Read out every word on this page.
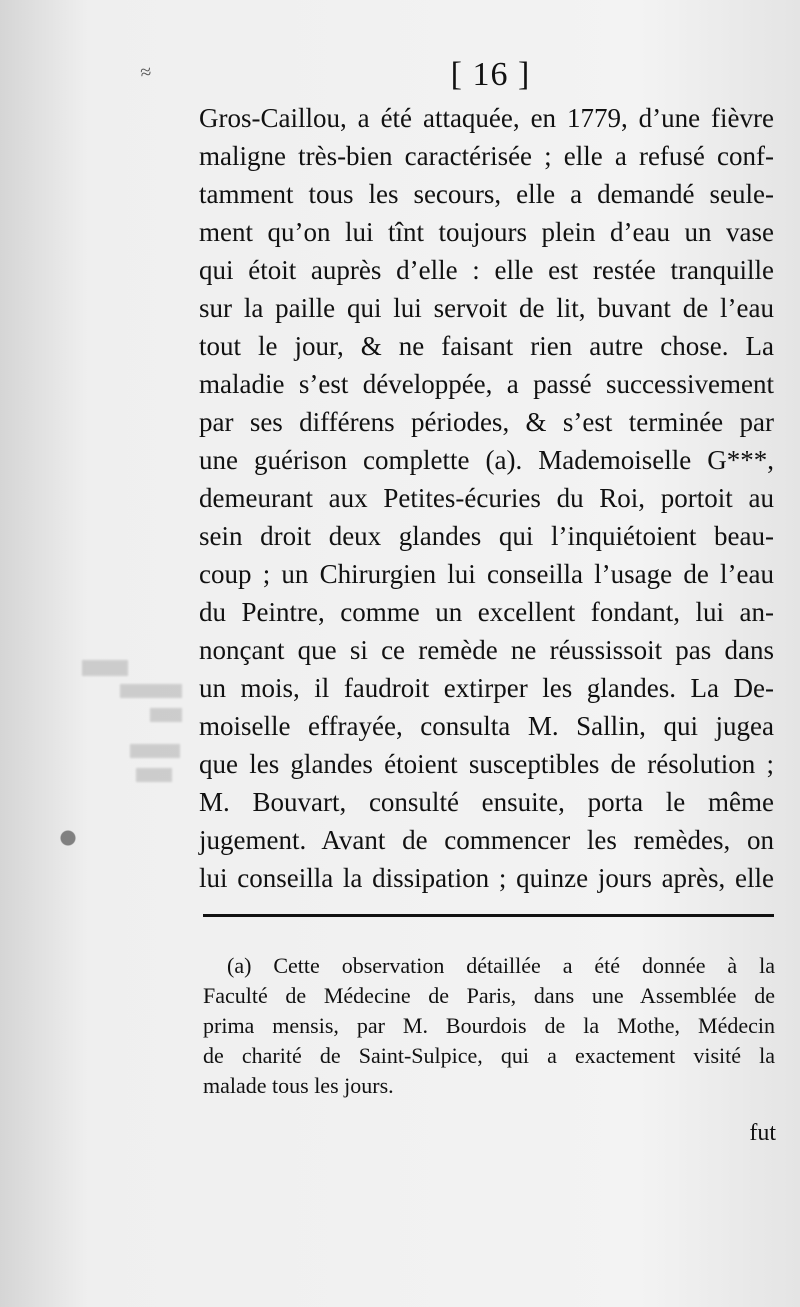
≈	[ 16 ]
Gros-Caillou, a été attaquée, en 1779, d’une fièvre
maligne très-bien caractérisée ; elle a refusé conf-
tamment tous les secours, elle a demandé seule-
ment qu’on lui tînt toujours plein d’eau un vase
qui étoit auprès d’elle : elle est restée tranquille
sur la paille qui lui servoit de lit, buvant de l’eau
tout le jour, & ne faisant rien autre chose. La
maladie s’est développée, a passé successivement
par ses différens périodes, & s’est terminée par
une guérison complette (a). Mademoiselle G***,
demeurant aux Petites-écuries du Roi, portoit au
sein droit deux glandes qui l’inquiétoient beau-
coup ; un Chirurgien lui conseilla l’usage de l’eau
du Peintre, comme un excellent fondant, lui an-
nonçant que si ce remède ne réussissoit pas dans
un mois, il faudroit extirper les glandes. La De-
moiselle effrayée, consulta M. Sallin, qui jugea
que les glandes étoient susceptibles de résolution ;
M. Bouvart, consulté ensuite, porta le même
jugement. Avant de commencer les remèdes, on
lui conseilla la dissipation ; quinze jours après, elle
(a) Cette observation détaillée a été donnée à la
Faculté de Médecine de Paris, dans une Assemblée de
prima mensis, par M. Bourdois de la Mothe, Médecin
de charité de Saint-Sulpice, qui a exactement visité la
malade tous les jours.
fut
